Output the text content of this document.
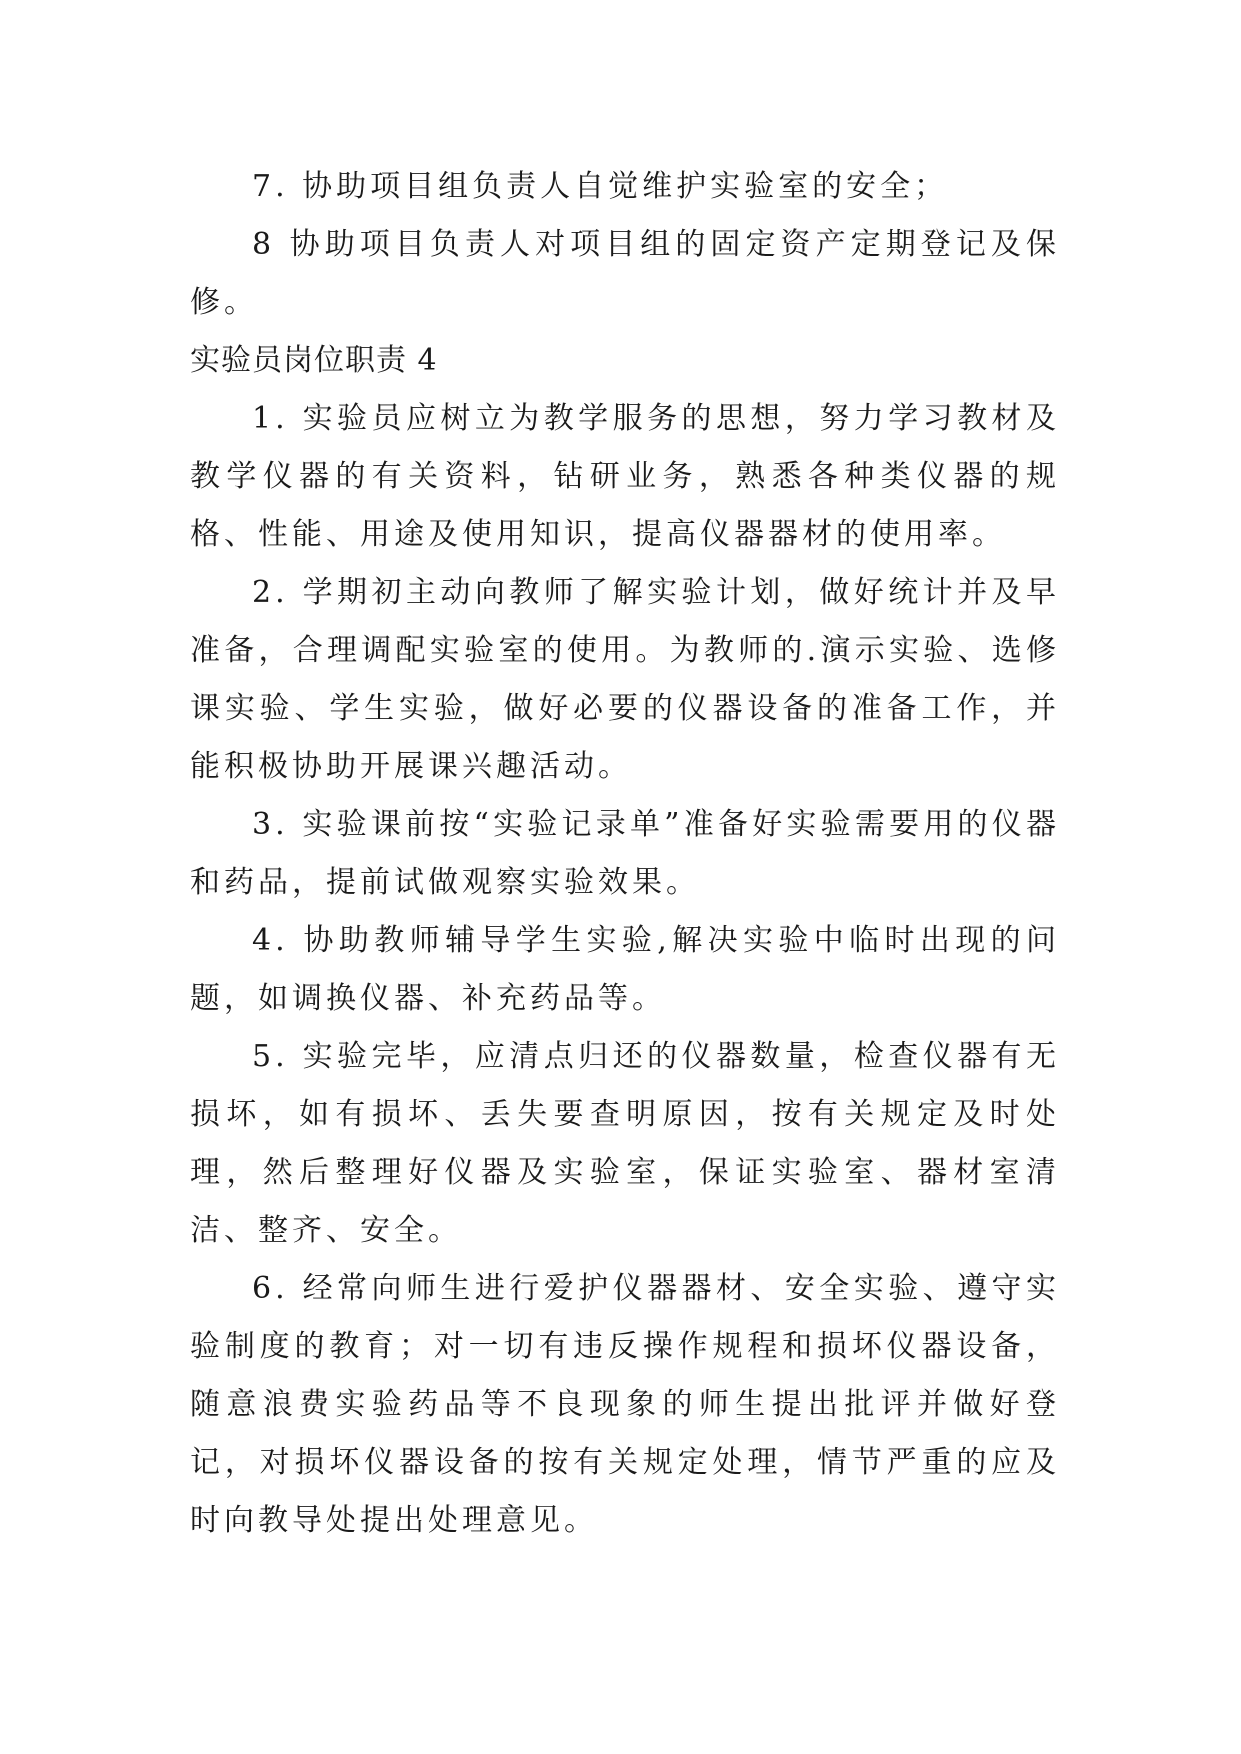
7. 协助项目组负责人自觉维护实验室的安全；

8 协助项目负责人对项目组的固定资产定期登记及保修。

实验员岗位职责 4

1. 实验员应树立为教学服务的思想，努力学习教材及教学仪器的有关资料，钻研业务，熟悉各种类仪器的规格、性能、用途及使用知识，提高仪器器材的使用率。

2. 学期初主动向教师了解实验计划，做好统计并及早准备，合理调配实验室的使用。为教师的.演示实验、选修课实验、学生实验，做好必要的仪器设备的准备工作，并能积极协助开展课兴趣活动。

3. 实验课前按“实验记录单”准备好实验需要用的仪器和药品，提前试做观察实验效果。

4. 协助教师辅导学生实验,解决实验中临时出现的问题，如调换仪器、补充药品等。

5. 实验完毕，应清点归还的仪器数量，检查仪器有无损坏，如有损坏、丢失要查明原因，按有关规定及时处理，然后整理好仪器及实验室，保证实验室、器材室清洁、整齐、安全。

6. 经常向师生进行爱护仪器器材、安全实验、遵守实验制度的教育；对一切有违反操作规程和损坏仪器设备，随意浪费实验药品等不良现象的师生提出批评并做好登记，对损坏仪器设备的按有关规定处理，情节严重的应及时向教导处提出处理意见。
